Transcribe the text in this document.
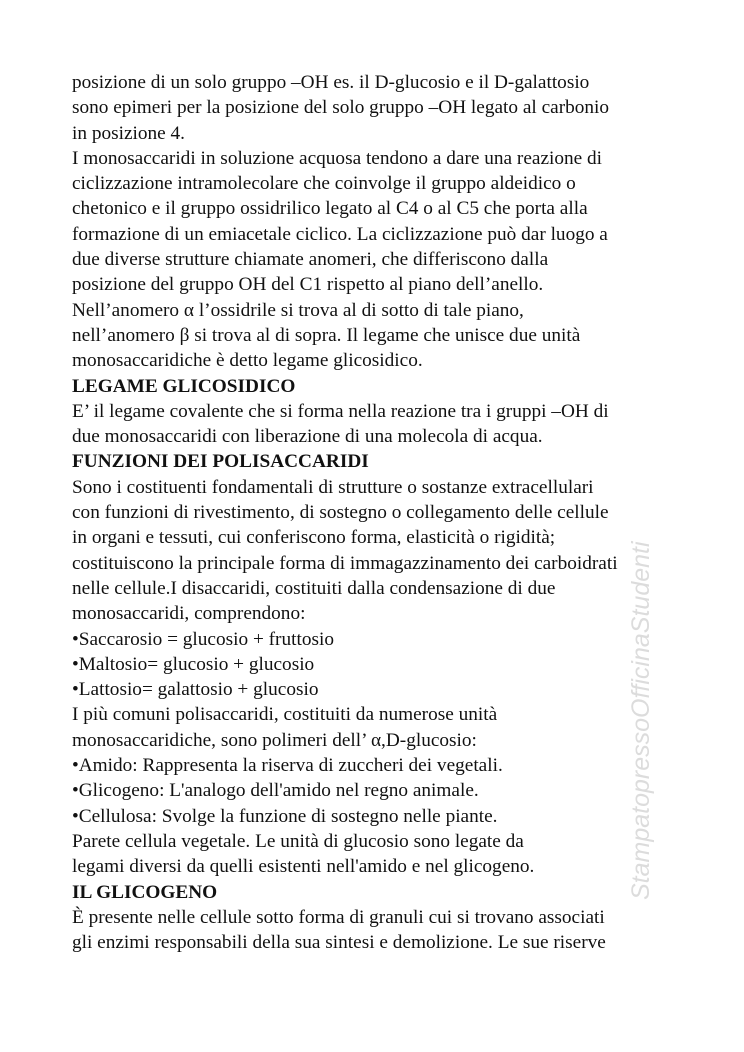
posizione di un solo gruppo –OH es. il D-glucosio e il D-galattosio
sono epimeri per la posizione del solo gruppo –OH legato al carbonio
in posizione 4.
I monosaccaridi in soluzione acquosa tendono a dare una reazione di
ciclizzazione intramolecolare che coinvolge il gruppo aldeidico o
chetonico e il gruppo ossidrilico legato al C4 o al C5 che porta alla
formazione di un emiacetale ciclico. La ciclizzazione può dar luogo a
due diverse strutture chiamate anomeri, che differiscono dalla
posizione del gruppo OH del C1 rispetto al piano dell’anello.
Nell’anomero α l’ossidrile si trova al di sotto di tale piano,
nell’anomero β si trova al di sopra. Il legame che unisce due unità
monosaccaridiche è detto legame glicosidico.
LEGAME GLICOSIDICO
E’ il legame covalente che si forma nella reazione tra i gruppi –OH di
due monosaccaridi con liberazione di una molecola di acqua.
FUNZIONI DEI POLISACCARIDI
Sono i costituenti fondamentali di strutture o sostanze extracellulari
con funzioni di rivestimento, di sostegno o collegamento delle cellule
in organi e tessuti, cui conferiscono forma, elasticità o rigidità;
costituiscono la principale forma di immagazzinamento dei carboidrati
nelle cellule.I disaccaridi, costituiti dalla condensazione di due
monosaccaridi, comprendono:
•Saccarosio = glucosio + fruttosio
•Maltosio= glucosio + glucosio
•Lattosio= galattosio + glucosio
I più comuni polisaccaridi, costituiti da numerose unità
monosaccaridiche, sono polimeri dell’ α,D-glucosio:
•Amido: Rappresenta la riserva di zuccheri dei vegetali.
•Glicogeno: L'analogo dell'amido nel regno animale.
•Cellulosa: Svolge la funzione di sostegno nelle piante.
Parete cellula vegetale. Le unità di glucosio sono legate da
legami diversi da quelli esistenti nell'amido e nel glicogeno.
IL GLICOGENO
È presente nelle cellule sotto forma di granuli cui si trovano associati
gli enzimi responsabili della sua sintesi e demolizione. Le sue riserve
StampatopressoOfficinaStudenti
